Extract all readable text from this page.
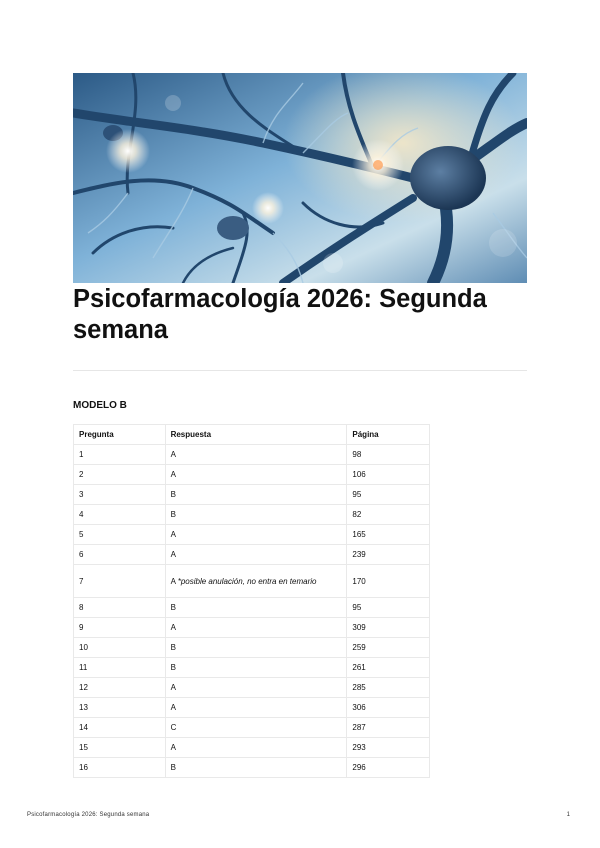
Psicofarmacología 2026: Segunda semana
MODELO B
Pregunta	Respuesta	Página
1	A	98
2	A	106
3	B	95
4	B	82
5	A	165
6	A	239
7	A *posible anulación, no entra en temario	170
8	B	95
9	A	309
10	B	259
11	B	261
12	A	285
13	A	306
14	C	287
15	A	293
16	B	296
Psicofarmacología 2026: Segunda semana	1
